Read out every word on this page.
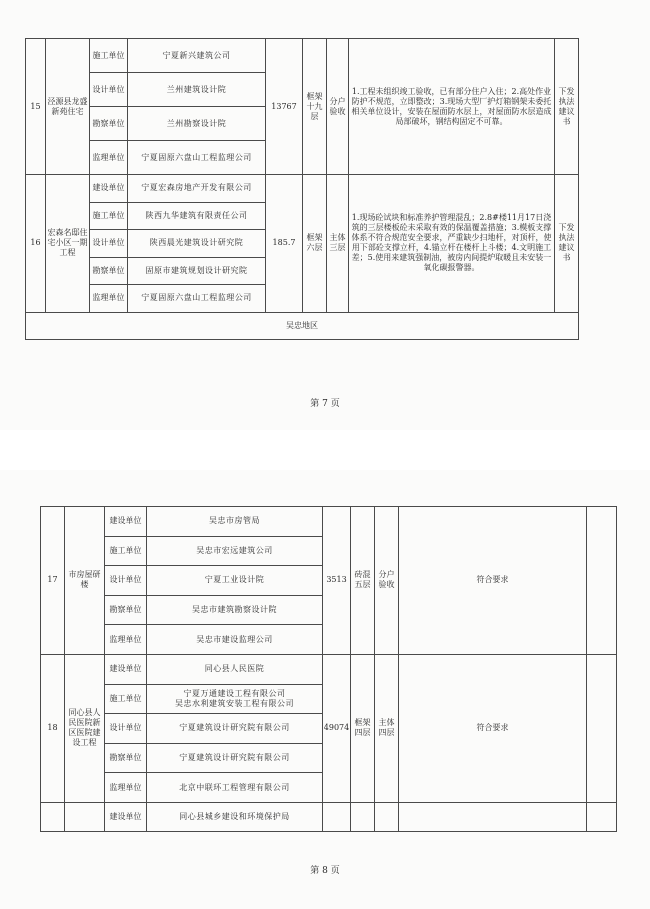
15	泾源县龙盛新苑住宅	施工单位	宁夏新兴建筑公司	13767	框架十九层	分户验收	1.工程未组织竣工验收，已有部分住户入住；2.高处作业防护不规范，立即整改；3.现场大型厂护灯箱钢架未委托相关单位设计，安装在屋面防水层上，对屋面防水层造成局部破坏，钢结构固定不可靠。	下发执法建议书
		设计单位	兰州建筑设计院					
		勘察单位	兰州勘察设计院					
		监理单位	宁夏固原六盘山工程监理公司					
16	宏森名邸住宅小区一期工程	建设单位	宁夏宏森房地产开发有限公司	185.7	框架六层	主体三层	1.现场砼试块和标准养护管理混乱；2.8#楼11月17日浇筑的三层楼板砼未采取有效的保温覆盖措施；3.模板支撑体系不符合规范安全要求，严重缺少扫地杆，对顶杆，使用下部砼支撑立杆，4.锚立杆在楼杆上斗楼；4.文明施工差；5.使用来建筑强制油，被房内间提炉取暖且未安装一氧化碳报警器。	下发执法建议书
		施工单位	陕西九华建筑有限责任公司					
		设计单位	陕西晨光建筑设计研究院					
		勘察单位	固原市建筑规划设计研究院					
		监理单位	宁夏固原六盘山工程监理公司					
吴忠地区								
第 7 页
17	市房屋研楼	建设单位	吴忠市房管局	3513	砖混五层	分户验收	符合要求	
		施工单位	吴忠市宏远建筑公司					
		设计单位	宁夏工业设计院					
		勘察单位	吴忠市建筑勘察设计院					
		监理单位	吴忠市建设监理公司					
18	同心县人民医院新区医院建设工程	建设单位	同心县人民医院	49074	框架四层	主体四层	符合要求	
		施工单位	宁夏万通建设工程有限公司
吴忠水利建筑安装工程有限公司					
		设计单位	宁夏建筑设计研究院有限公司					
		勘察单位	宁夏建筑设计研究院有限公司					
		监理单位	北京中联环工程管理有限公司					
		建设单位	同心县城乡建设和环境保护局					
第 8 页
